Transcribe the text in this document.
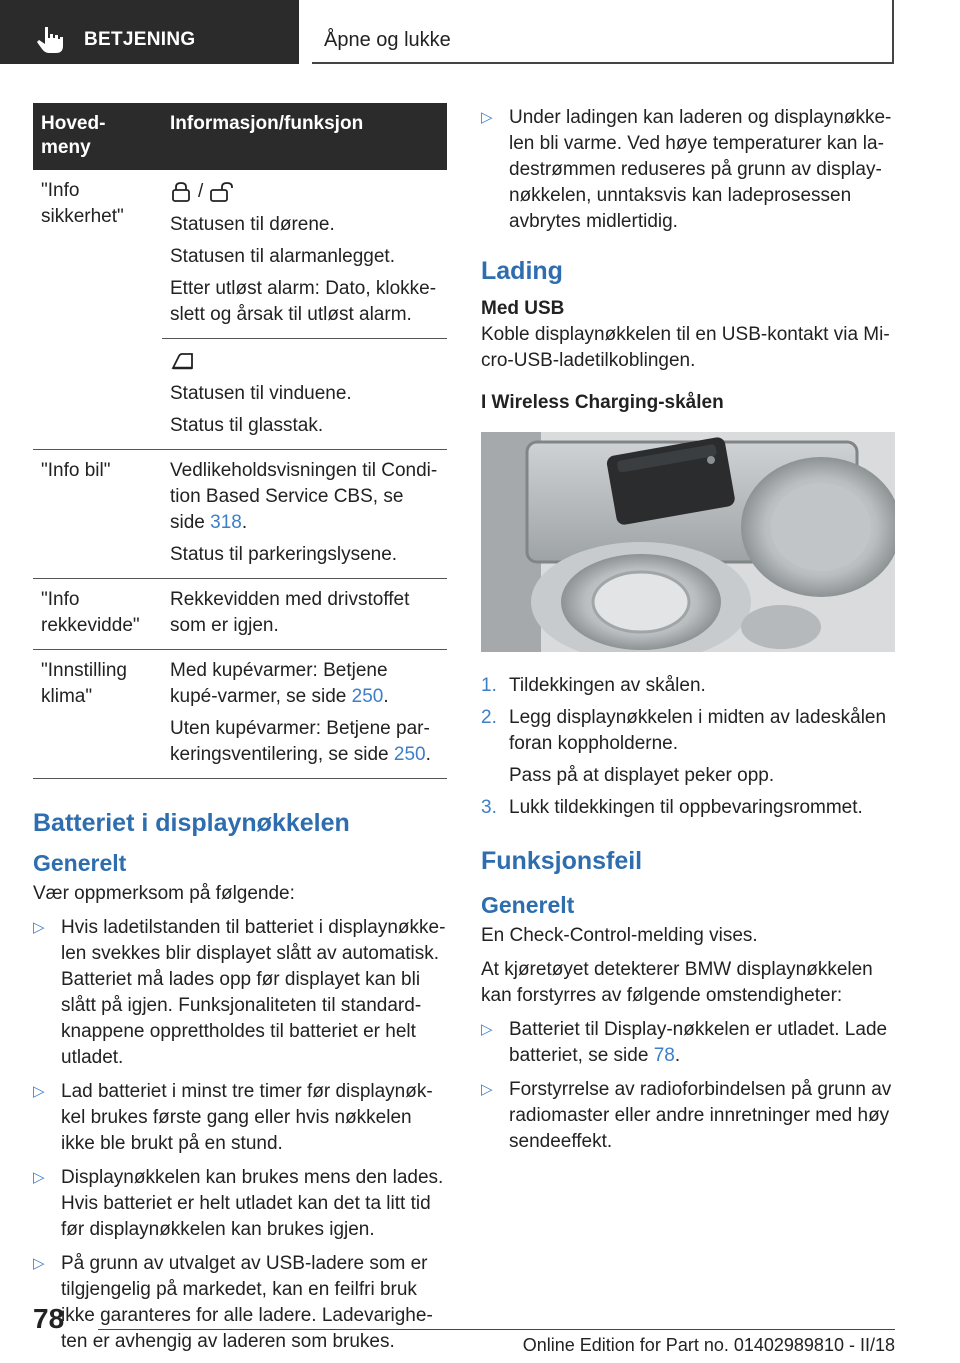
BETJENING	Åpne og lukke
Hoved-meny	Informasjon/funksjon
"Info sikkerhet"	/

Statusen til dørene.

Statusen til alarmanlegget.

Etter utløst alarm: Dato, klokke-slett og årsak til utløst alarm.

	Statusen til vinduene.

Status til glasstak.

"Info bil"	Vedlikeholdsvisningen til Condi-tion Based Service CBS, se side 318.

Status til parkeringslysene.

"Info rekkevidde"	Rekkevidden med drivstoffet som er igjen.

"Innstilling klima"	Med kupévarmer: Betjene kupé-varmer, se side 250.

Uten kupévarmer: Betjene par-keringsventilering, se side 250.

Batteriet i displaynøkkelen
Generelt

Vær oppmerksom på følgende:

▷ Hvis ladetilstanden til batteriet i displaynøkke-len svekkes blir displayet slått av automatisk. Batteriet må lades opp før displayet kan bli slått på igjen. Funksjonaliteten til standard-knappene opprettholdes til batteriet er helt utladet.
▷ Lad batteriet i minst tre timer før displaynøk-kel brukes første gang eller hvis nøkkelen ikke ble brukt på en stund.
▷ Displaynøkkelen kan brukes mens den lades. Hvis batteriet er helt utladet kan det ta litt tid før displaynøkkelen kan brukes igjen.
▷ På grunn av utvalget av USB-ladere som er tilgjengelig på markedet, kan en feilfri bruk ikke garanteres for alle ladere. Ladevarighe-ten er avhengig av laderen som brukes.
▷ Under ladingen kan laderen og displaynøkke-len bli varme. Ved høye temperaturer kan la-destrømmen reduseres på grunn av display-nøkkelen, unntaksvis kan ladeprosessen avbrytes midlertidig.
Lading
Med USB

Koble displaynøkkelen til en USB-kontakt via Mi-cro-USB-ladetilkoblingen.

I Wireless Charging-skålen
1. Tildekkingen av skålen.
2. Legg displaynøkkelen i midten av ladeskålen foran koppholderne.
Pass på at displayet peker opp.
3. Lukk tildekkingen til oppbevaringsrommet.
Funksjonsfeil
Generelt

En Check-Control-melding vises.

At kjøretøyet detekterer BMW displaynøkkelen kan forstyrres av følgende omstendigheter:

▷ Batteriet til Display-nøkkelen er utladet. Lade batteriet, se side 78.
▷ Forstyrrelse av radioforbindelsen på grunn av radiomaster eller andre innretninger med høy sendeeffekt.
78
Online Edition for Part no. 01402989810 - II/18
